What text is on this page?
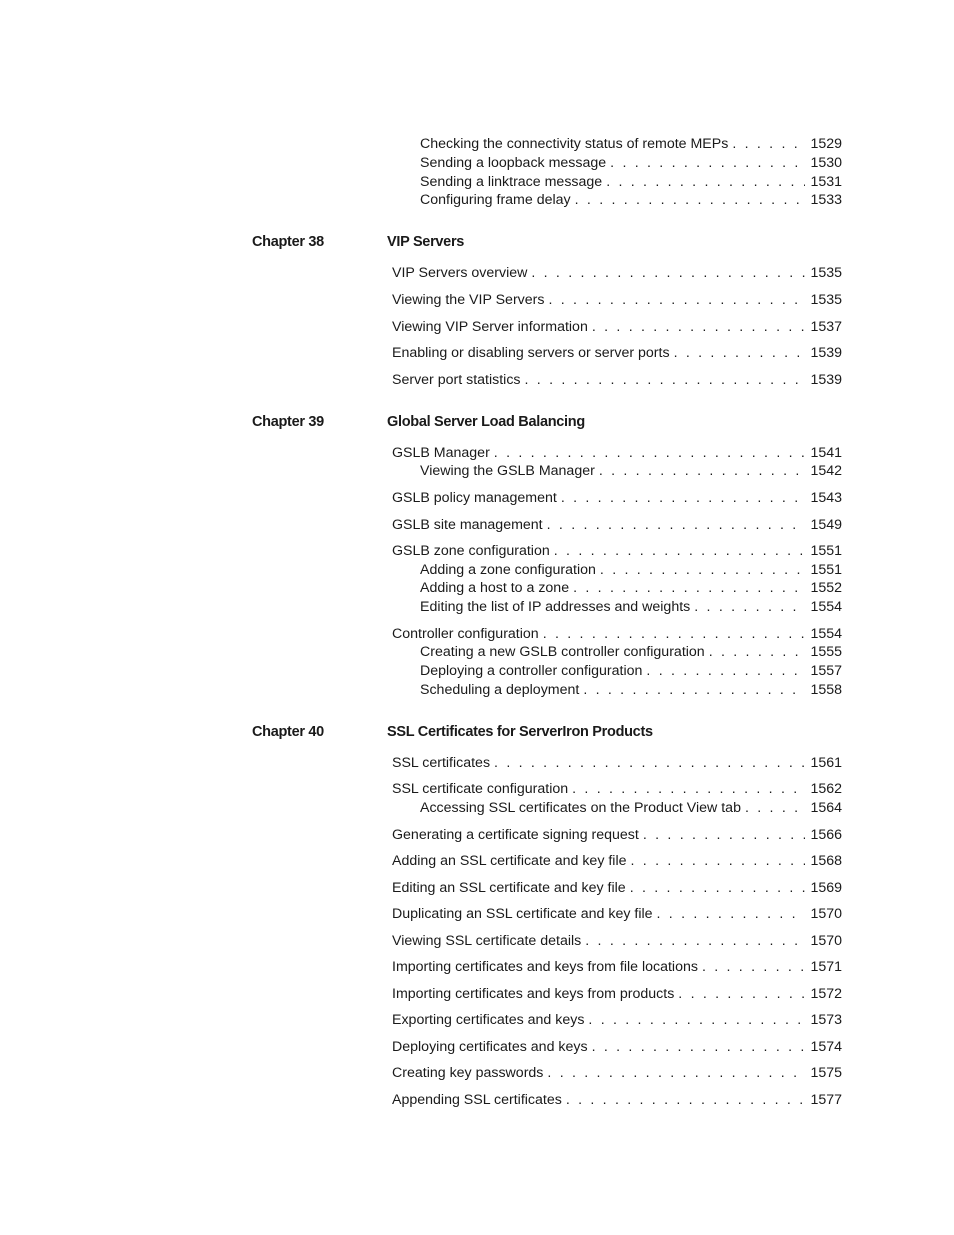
Checking the connectivity status of remote MEPs . . .	1529
Sending a loopback message . . .	1530
Sending a linktrace message . . .	1531
Configuring frame delay . . .	1533
Chapter 38	VIP Servers
VIP Servers overview . . .	1535
Viewing the VIP Servers . . .	1535
Viewing VIP Server information . . .	1537
Enabling or disabling servers or server ports . . .	1539
Server port statistics . . .	1539
Chapter 39	Global Server Load Balancing
GSLB Manager . . .	1541
Viewing the GSLB Manager . . .	1542
GSLB policy management . . .	1543
GSLB site management . . .	1549
GSLB zone configuration . . .	1551
Adding a zone configuration . . .	1551
Adding a host to a zone . . .	1552
Editing the list of IP addresses and weights . . .	1554
Controller configuration . . .	1554
Creating a new GSLB controller configuration . . .	1555
Deploying a controller configuration . . .	1557
Scheduling a deployment . . .	1558
Chapter 40	SSL Certificates for ServerIron Products
SSL certificates . . .	1561
SSL certificate configuration . . .	1562
Accessing SSL certificates on the Product View tab . . .	1564
Generating a certificate signing request . . .	1566
Adding an SSL certificate and key file . . .	1568
Editing an SSL certificate and key file . . .	1569
Duplicating an SSL certificate and key file . . .	1570
Viewing SSL certificate details . . .	1570
Importing certificates and keys from file locations . . .	1571
Importing certificates and keys from products . . .	1572
Exporting certificates and keys . . .	1573
Deploying certificates and keys . . .	1574
Creating key passwords . . .	1575
Appending SSL certificates . . .	1577
